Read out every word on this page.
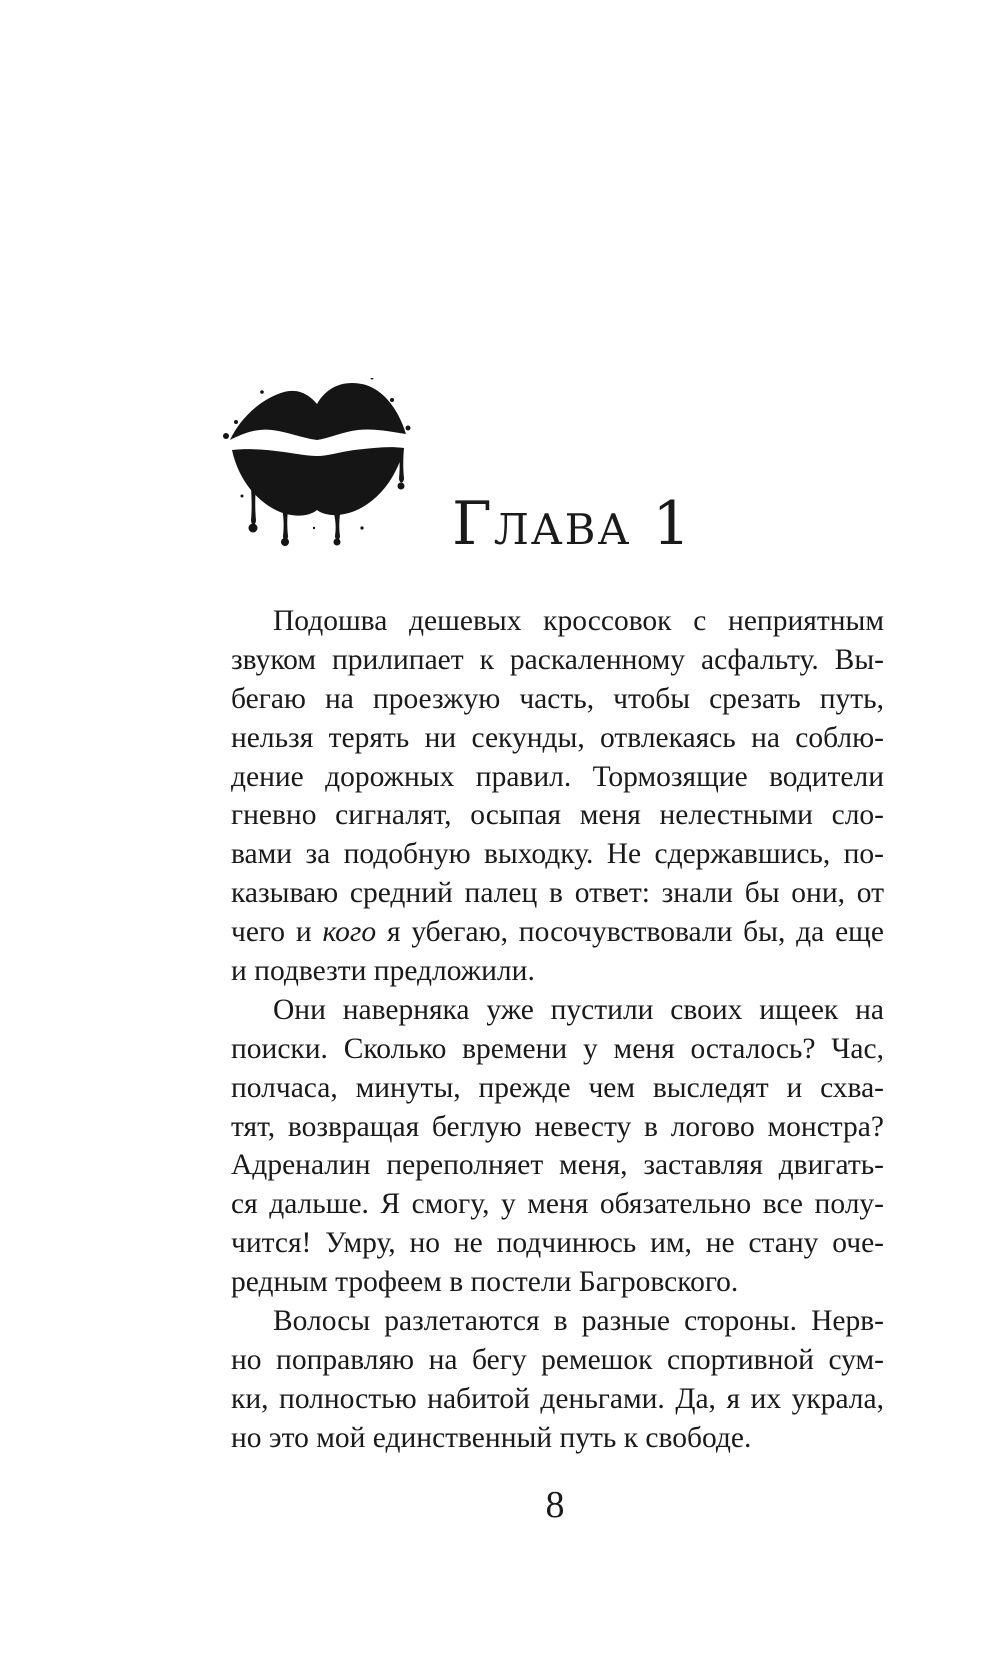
Глава 1

Подошва дешевых кроссовок с неприятным
звуком прилипает к раскаленному асфальту. Вы-
бегаю на проезжую часть, чтобы срезать путь,
нельзя терять ни секунды, отвлекаясь на соблю-
дение дорожных правил. Тормозящие водители
гневно сигналят, осыпая меня нелестными сло-
вами за подобную выходку. Не сдержавшись, по-
казываю средний палец в ответ: знали бы они, от
чего и кого я убегаю, посочувствовали бы, да еще
и подвезти предложили.

Они наверняка уже пустили своих ищеек на
поиски. Сколько времени у меня осталось? Час,
полчаса, минуты, прежде чем выследят и схва-
тят, возвращая беглую невесту в логово монстра?
Адреналин переполняет меня, заставляя двигать-
ся дальше. Я смогу, у меня обязательно все полу-
чится! Умру, но не подчинюсь им, не стану оче-
редным трофеем в постели Багровского.

Волосы разлетаются в разные стороны. Нерв-
но поправляю на бегу ремешок спортивной сум-
ки, полностью набитой деньгами. Да, я их украла,
но это мой единственный путь к свободе.

8
